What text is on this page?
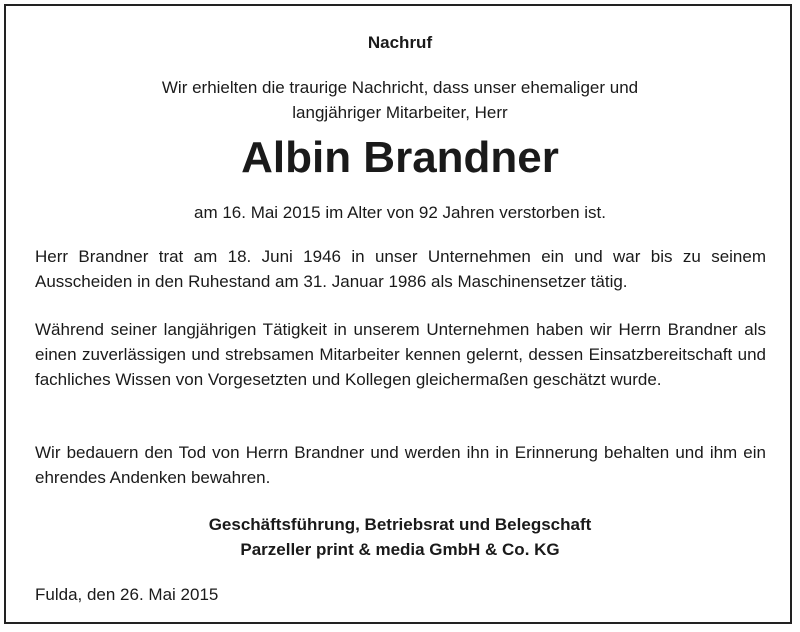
Nachruf
Wir erhielten die traurige Nachricht, dass unser ehemaliger und
langjähriger Mitarbeiter, Herr
Albin Brandner
am 16. Mai 2015 im Alter von 92 Jahren verstorben ist.
Herr Brandner trat am 18. Juni 1946 in unser Unternehmen ein und war bis zu seinem Ausscheiden in den Ruhestand am 31. Januar 1986 als Maschinensetzer tätig.
Während seiner langjährigen Tätigkeit in unserem Unternehmen haben wir Herrn Brandner als einen zuverlässigen und strebsamen Mitarbeiter kennen gelernt, dessen Einsatzbereitschaft und fachliches Wissen von Vorgesetzten und Kollegen gleichermaßen geschätzt wurde.
Wir bedauern den Tod von Herrn Brandner und werden ihn in Erinnerung behalten und ihm ein ehrendes Andenken bewahren.
Geschäftsführung, Betriebsrat und Belegschaft
Parzeller print & media GmbH & Co. KG
Fulda, den 26. Mai 2015
